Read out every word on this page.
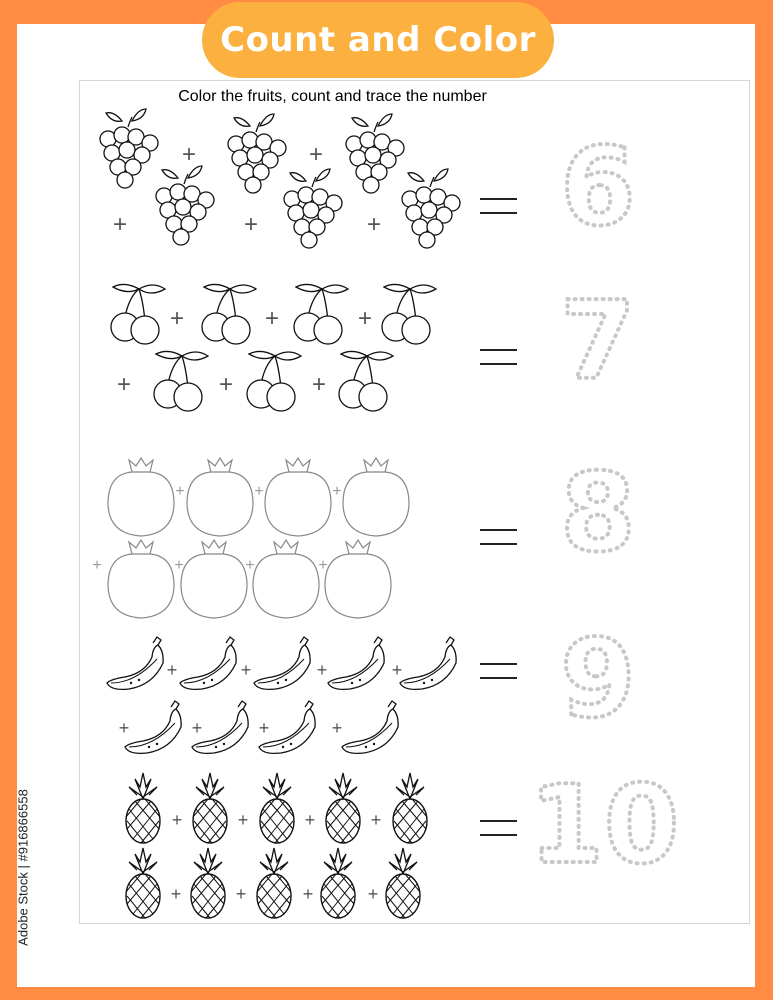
Count and Color
Color the fruits, count and trace the number
+	+
+	+	+
+	+	+
+	+	+
+	+	+
+	+	+	+
+	+	+	+
+	+	+	+
+	+	+	+
+	+	+	+
6
7
8
9
10
Adobe Stock | #916866558
